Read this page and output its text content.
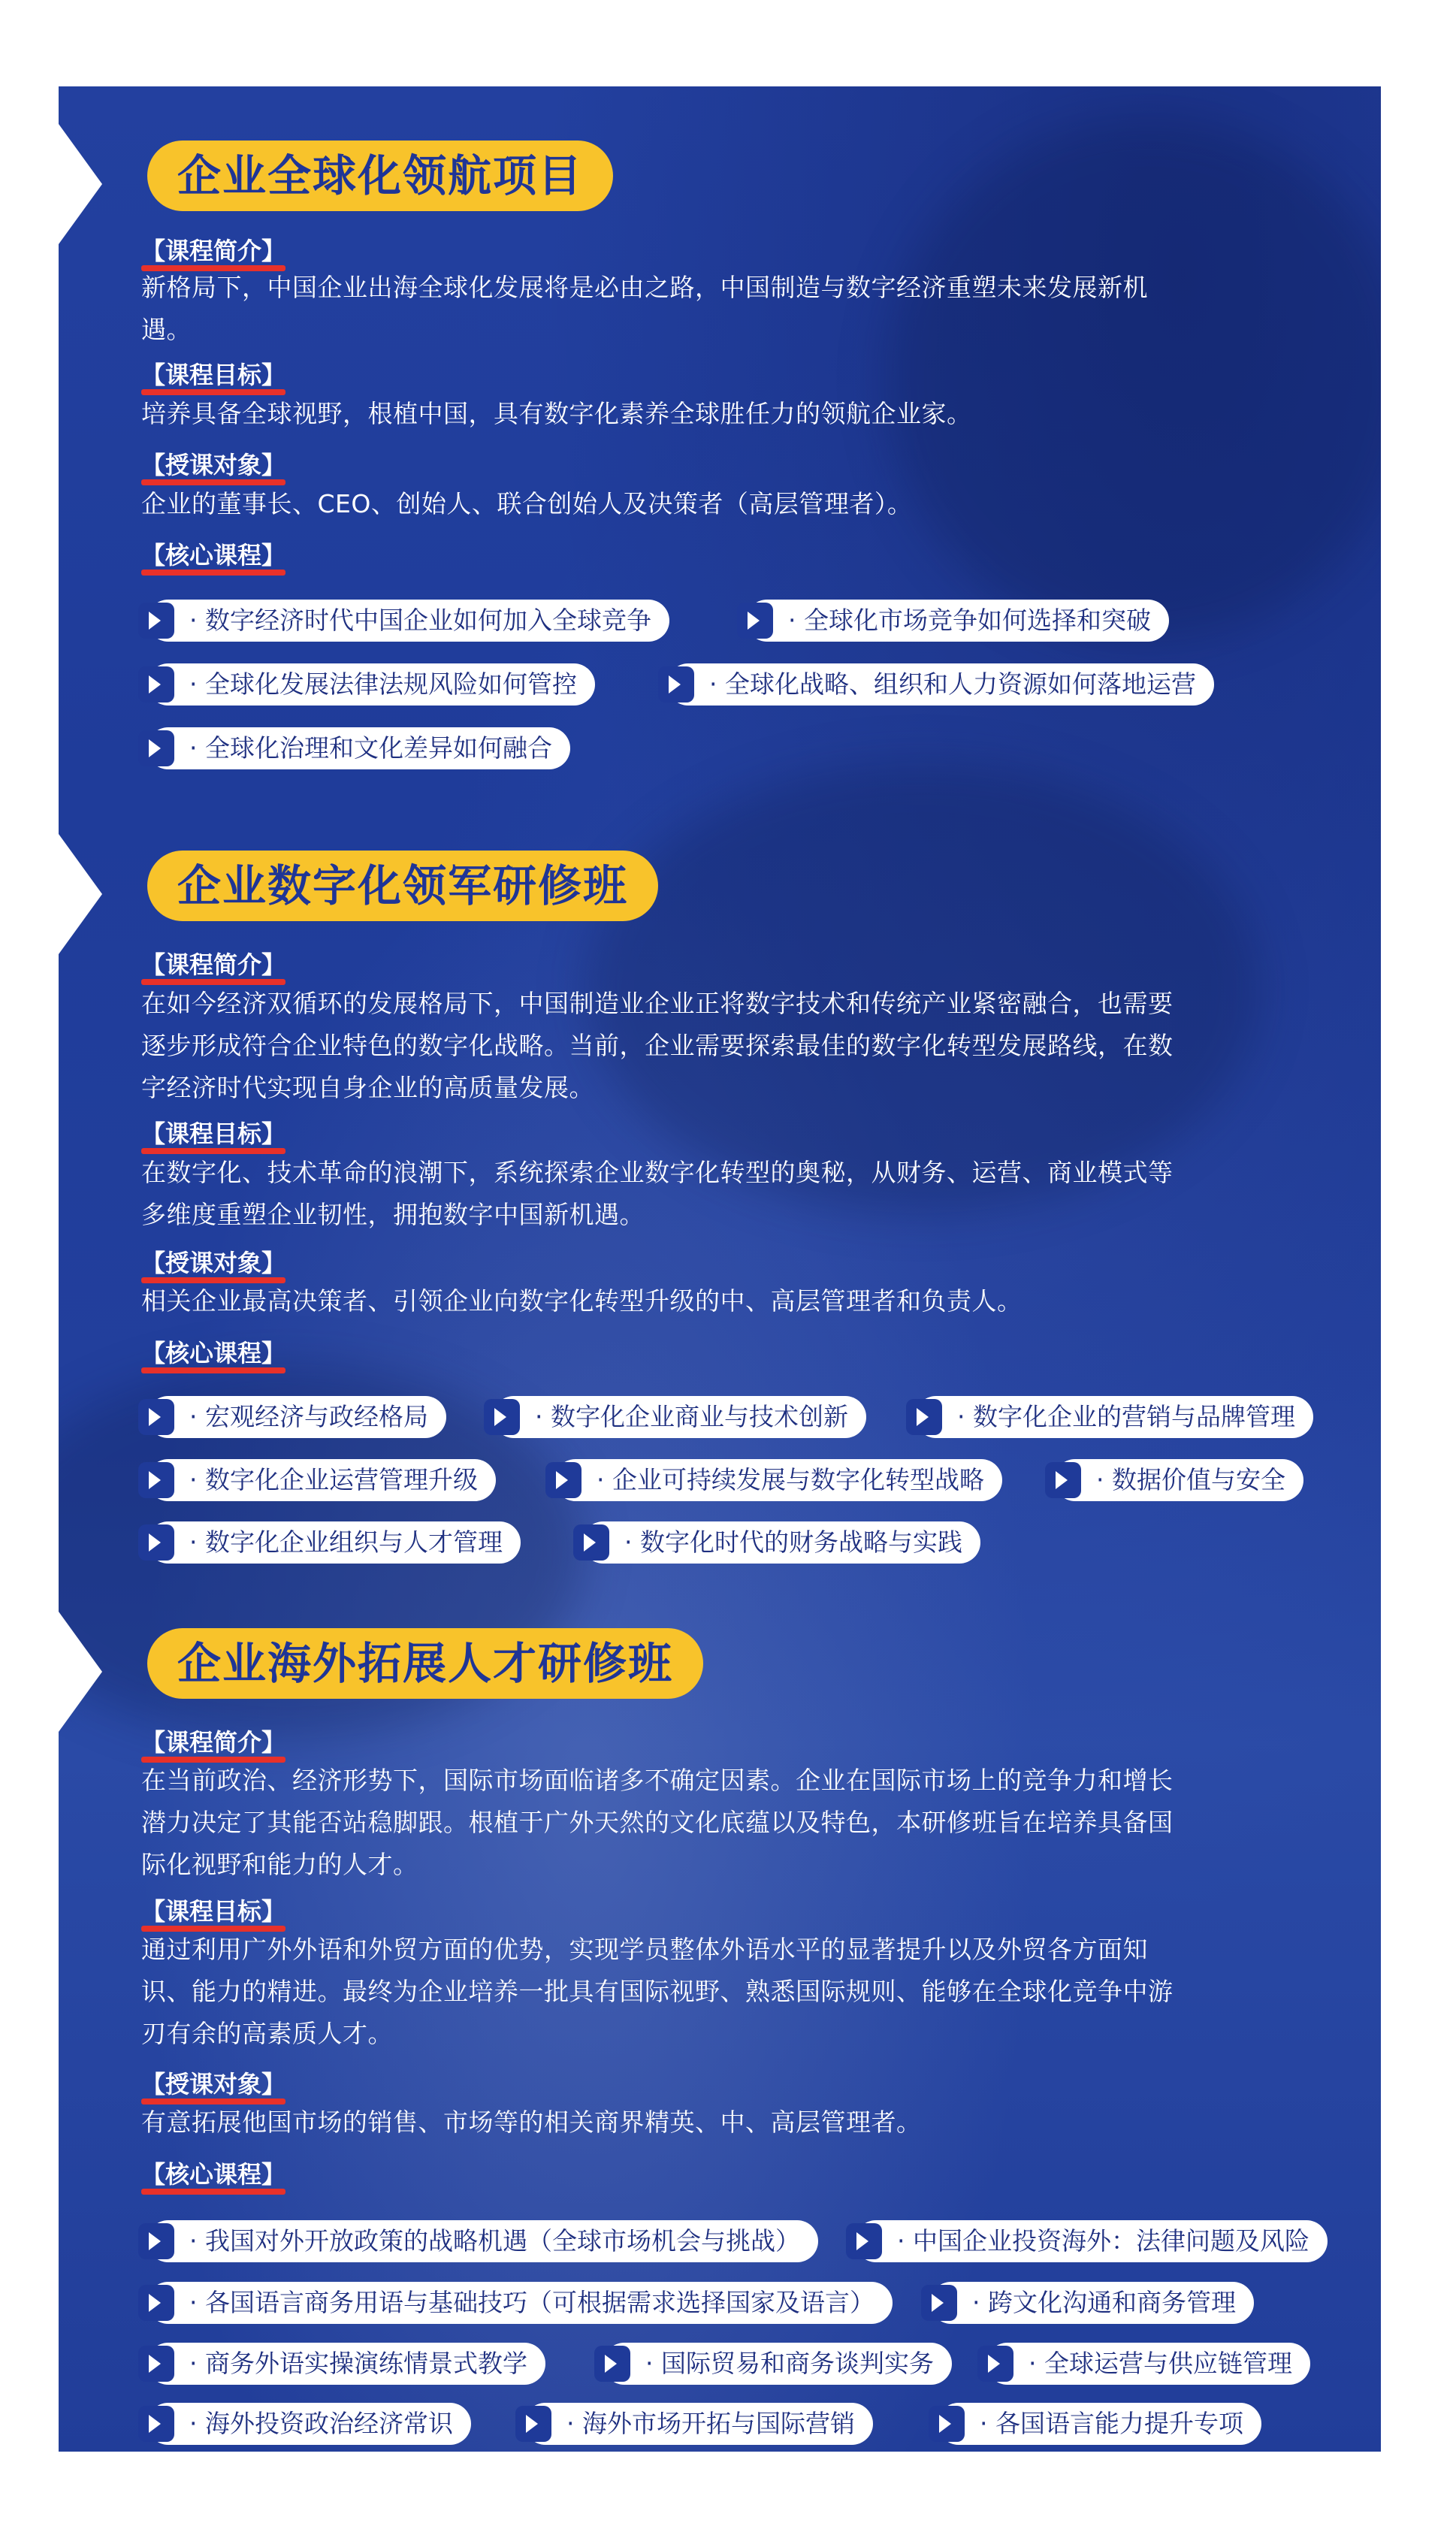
企业全球化领航项目
【课程简介】
新格局下，中国企业出海全球化发展将是必由之路，中国制造与数字经济重塑未来发展新机
遇。
【课程目标】
培养具备全球视野，根植中国，具有数字化素养全球胜任力的领航企业家。
【授课对象】
企业的董事长、CEO、创始人、联合创始人及决策者（高层管理者）。
【核心课程】
· 数字经济时代中国企业如何加入全球竞争	· 全球化市场竞争如何选择和突破
· 全球化发展法律法规风险如何管控	· 全球化战略、组织和人力资源如何落地运营
· 全球化治理和文化差异如何融合
企业数字化领军研修班
【课程简介】
在如今经济双循环的发展格局下，中国制造业企业正将数字技术和传统产业紧密融合，也需要
逐步形成符合企业特色的数字化战略。当前，企业需要探索最佳的数字化转型发展路线，在数
字经济时代实现自身企业的高质量发展。
【课程目标】
在数字化、技术革命的浪潮下，系统探索企业数字化转型的奥秘，从财务、运营、商业模式等
多维度重塑企业韧性，拥抱数字中国新机遇。
【授课对象】
相关企业最高决策者、引领企业向数字化转型升级的中、高层管理者和负责人。
【核心课程】
· 宏观经济与政经格局	· 数字化企业商业与技术创新	· 数字化企业的营销与品牌管理
· 数字化企业运营管理升级	· 企业可持续发展与数字化转型战略	· 数据价值与安全
· 数字化企业组织与人才管理	· 数字化时代的财务战略与实践
企业海外拓展人才研修班
【课程简介】
在当前政治、经济形势下，国际市场面临诸多不确定因素。企业在国际市场上的竞争力和增长
潜力决定了其能否站稳脚跟。根植于广外天然的文化底蕴以及特色，本研修班旨在培养具备国
际化视野和能力的人才。
【课程目标】
通过利用广外外语和外贸方面的优势，实现学员整体外语水平的显著提升以及外贸各方面知
识、能力的精进。最终为企业培养一批具有国际视野、熟悉国际规则、能够在全球化竞争中游
刃有余的高素质人才。
【授课对象】
有意拓展他国市场的销售、市场等的相关商界精英、中、高层管理者。
【核心课程】
· 我国对外开放政策的战略机遇（全球市场机会与挑战）	· 中国企业投资海外：法律问题及风险
· 各国语言商务用语与基础技巧（可根据需求选择国家及语言）	· 跨文化沟通和商务管理
· 商务外语实操演练情景式教学	· 国际贸易和商务谈判实务	· 全球运营与供应链管理
· 海外投资政治经济常识	· 海外市场开拓与国际营销	· 各国语言能力提升专项
